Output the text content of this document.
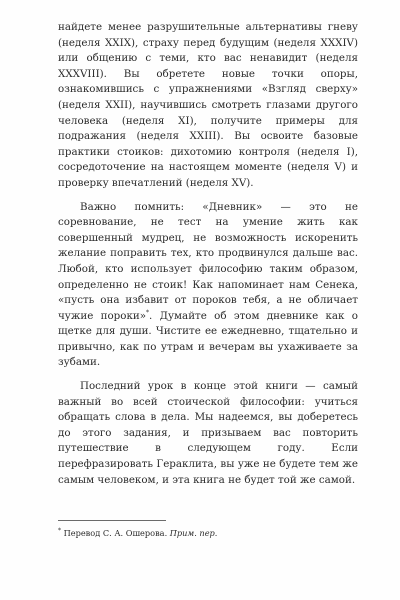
найдете менее разрушительные альтернативы гневу (неделя XXIX), страху перед будущим (неделя XXXIV) или общению с теми, кто вас ненавидит (неделя XXXVIII). Вы обретете новые точки опоры, ознакомившись с упражнениями «Взгляд сверху» (неделя XXII), научившись смотреть глазами другого человека (неделя XI), получите примеры для подражания (неделя XXIII). Вы освоите базовые практики стоиков: дихотомию контроля (неделя I), сосредоточение на настоящем моменте (неделя V) и проверку впечатлений (неделя XV).

Важно помнить: «Дневник» — это не соревнование, не тест на умение жить как совершенный мудрец, не возможность искоренить желание поправить тех, кто продвинулся дальше вас. Любой, кто использует философию таким образом, определенно не стоик! Как напоминает нам Сенека, «пусть она избавит от пороков тебя, а не обличает чужие пороки»*. Думайте об этом дневнике как о щетке для души. Чистите ее ежедневно, тщательно и привычно, как по утрам и вечерам вы ухаживаете за зубами.

Последний урок в конце этой книги — самый важный во всей стоической философии: учиться обращать слова в дела. Мы надеемся, вы доберетесь до этого задания, и призываем вас повторить путешествие в следующем году. Если перефразировать Гераклита, вы уже не будете тем же самым человеком, и эта книга не будет той же самой.

* Перевод С. А. Ошерова. Прим. пер.
